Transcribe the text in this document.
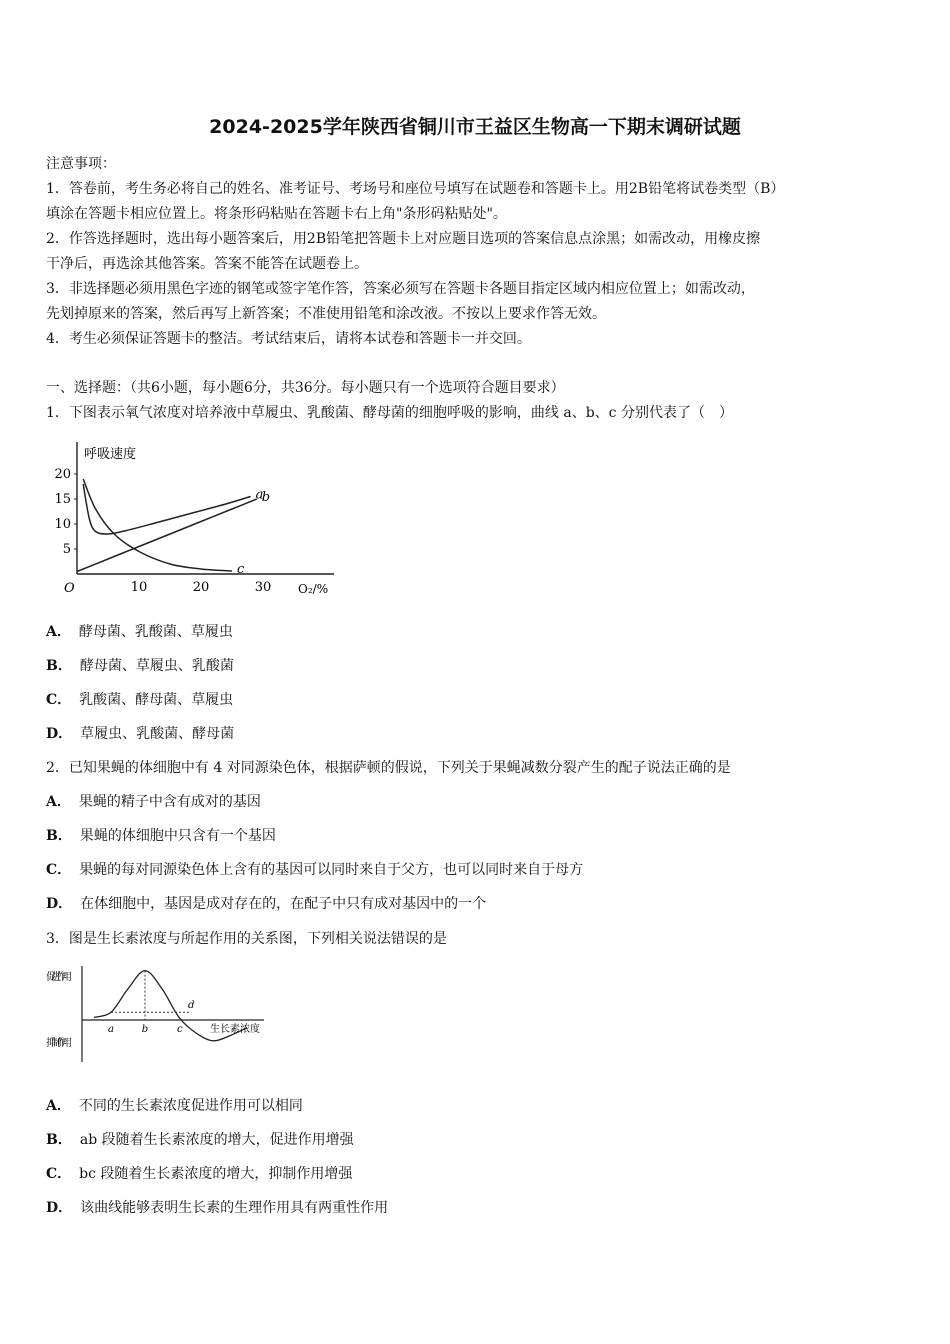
2024-2025学年陕西省铜川市王益区生物高一下期末调研试题
注意事项：
1．答卷前，考生务必将自己的姓名、准考证号、考场号和座位号填写在试题卷和答题卡上。用2B铅笔将试卷类型（B）
填涂在答题卡相应位置上。将条形码粘贴在答题卡右上角"条形码粘贴处"。
2．作答选择题时，选出每小题答案后，用2B铅笔把答题卡上对应题目选项的答案信息点涂黑；如需改动，用橡皮擦
干净后，再选涂其他答案。答案不能答在试题卷上。
3．非选择题必须用黑色字迹的钢笔或签字笔作答，答案必须写在答题卡各题目指定区域内相应位置上；如需改动，
先划掉原来的答案，然后再写上新答案；不准使用铅笔和涂改液。不按以上要求作答无效。
4．考生必须保证答题卡的整洁。考试结束后，请将本试卷和答题卡一并交回。
一、选择题：（共6小题，每小题6分，共36分。每小题只有一个选项符合题目要求）
1．下图表示氧气浓度对培养液中草履虫、乳酸菌、酵母菌的细胞呼吸的影响，曲线 a、b、c 分别代表了（　）
10	20	30
5
10
15
20
a
b
c
呼吸速度
O₂/%
O
A． 酵母菌、乳酸菌、草履虫
B． 酵母菌、草履虫、乳酸菌
C． 乳酸菌、酵母菌、草履虫
D． 草履虫、乳酸菌、酵母菌
2．已知果蝇的体细胞中有 4 对同源染色体，根据萨顿的假说，下列关于果蝇减数分裂产生的配子说法正确的是
A． 果蝇的精子中含有成对的基因
B． 果蝇的体细胞中只含有一个基因
C． 果蝇的每对同源染色体上含有的基因可以同时来自于父方，也可以同时来自于母方
D． 在体细胞中，基因是成对存在的，在配子中只有成对基因中的一个
3．图是生长素浓度与所起作用的关系图，下列相关说法错误的是
a	b	c
d
促进作用
抑制作用
生长素浓度
A． 不同的生长素浓度促进作用可以相同
B． ab 段随着生长素浓度的增大，促进作用增强
C． bc 段随着生长素浓度的增大，抑制作用增强
D． 该曲线能够表明生长素的生理作用具有两重性作用
